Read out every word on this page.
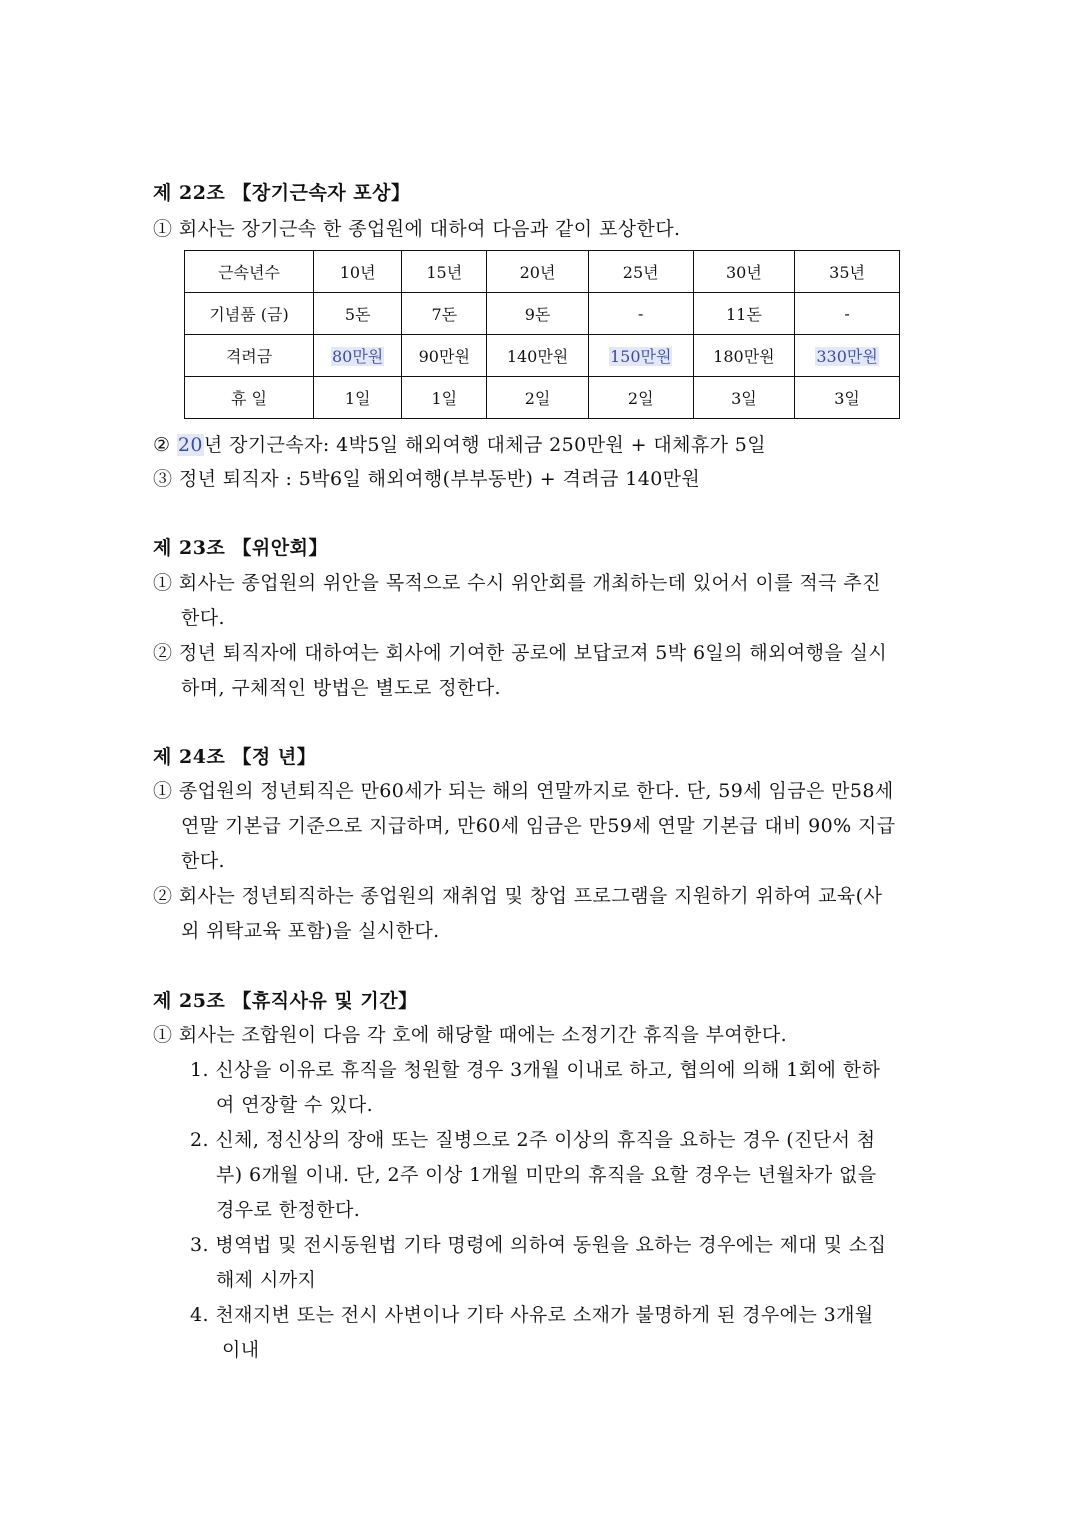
제 22조 【장기근속자 포상】
① 회사는 장기근속 한 종업원에 대하여 다음과 같이 포상한다.
근속년수	10년	15년	20년	25년	30년	35년
기념품 (금)	5돈	7돈	9돈	-	11돈	-
격려금	80만원	90만원	140만원	150만원	180만원	330만원
휴 일	1일	1일	2일	2일	3일	3일
② 20년 장기근속자: 4박5일 해외여행 대체금 250만원 + 대체휴가 5일
③ 정년 퇴직자 : 5박6일 해외여행(부부동반) + 격려금 140만원
제 23조 【위안회】
① 회사는 종업원의 위안을 목적으로 수시 위안회를 개최하는데 있어서 이를 적극 추진
한다.
② 정년 퇴직자에 대하여는 회사에 기여한 공로에 보답코져 5박 6일의 해외여행을 실시
하며, 구체적인 방법은 별도로 정한다.
제 24조 【정 년】
① 종업원의 정년퇴직은 만60세가 되는 해의 연말까지로 한다. 단, 59세 임금은 만58세
연말 기본급 기준으로 지급하며, 만60세 임금은 만59세 연말 기본급 대비 90% 지급
한다.
② 회사는 정년퇴직하는 종업원의 재취업 및 창업 프로그램을 지원하기 위하여 교육(사
외 위탁교육 포함)을 실시한다.
제 25조 【휴직사유 및 기간】
① 회사는 조합원이 다음 각 호에 해당할 때에는 소정기간 휴직을 부여한다.
1. 신상을 이유로 휴직을 청원할 경우 3개월 이내로 하고, 협의에 의해 1회에 한하
여 연장할 수 있다.
2. 신체, 정신상의 장애 또는 질병으로 2주 이상의 휴직을 요하는 경우 (진단서 첨
부) 6개월 이내. 단, 2주 이상 1개월 미만의 휴직을 요할 경우는 년월차가 없을
경우로 한정한다.
3. 병역법 및 전시동원법 기타 명령에 의하여 동원을 요하는 경우에는 제대 및 소집
해제 시까지
4. 천재지변 또는 전시 사변이나 기타 사유로 소재가 불명하게 된 경우에는 3개월
이내
